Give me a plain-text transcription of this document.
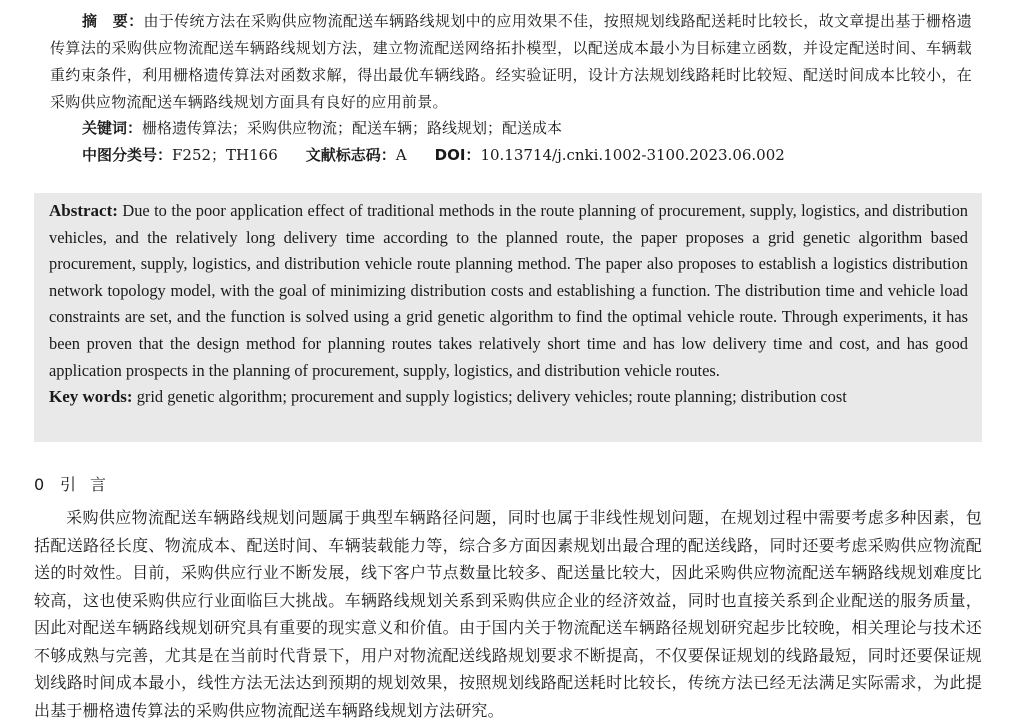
摘　要：由于传统方法在采购供应物流配送车辆路线规划中的应用效果不佳，按照规划线路配送耗时比较长，故文章提出基于栅格遗传算法的采购供应物流配送车辆路线规划方法，建立物流配送网络拓扑模型，以配送成本最小为目标建立函数，并设定配送时间、车辆载重约束条件，利用栅格遗传算法对函数求解，得出最优车辆线路。经实验证明，设计方法规划线路耗时比较短、配送时间成本比较小，在采购供应物流配送车辆路线规划方面具有良好的应用前景。
关键词：栅格遗传算法；采购供应物流；配送车辆；路线规划；配送成本
中图分类号：F252；TH166 文献标志码：A DOI：10.13714/j.cnki.1002-3100.2023.06.002

Abstract: Due to the poor application effect of traditional methods in the route planning of procurement, supply, logistics, and distribution vehicles, and the relatively long delivery time according to the planned route, the paper proposes a grid genetic algorithm based procurement, supply, logistics, and distribution vehicle route planning method. The paper also proposes to establish a logistics distribution network topology model, with the goal of minimizing distribution costs and establishing a function. The distribution time and vehicle load constraints are set, and the function is solved using a grid genetic algorithm to find the optimal vehicle route. Through experiments, it has been proven that the design method for planning routes takes relatively short time and has low delivery time and cost, and has good application prospects in the planning of procurement, supply, logistics, and distribution vehicle routes.

Key words: grid genetic algorithm; procurement and supply logistics; delivery vehicles; route planning; distribution cost

0 引 言
采购供应物流配送车辆路线规划问题属于典型车辆路径问题，同时也属于非线性规划问题，在规划过程中需要考虑多种因素，包括配送路径长度、物流成本、配送时间、车辆装载能力等，综合多方面因素规划出最合理的配送线路，同时还要考虑采购供应物流配送的时效性。目前，采购供应行业不断发展，线下客户节点数量比较多、配送量比较大，因此采购供应物流配送车辆路线规划难度比较高，这也使采购供应行业面临巨大挑战。车辆路线规划关系到采购供应企业的经济效益，同时也直接关系到企业配送的服务质量，因此对配送车辆路线规划研究具有重要的现实意义和价值。由于国内关于物流配送车辆路径规划研究起步比较晚，相关理论与技术还不够成熟与完善，尤其是在当前时代背景下，用户对物流配送线路规划要求不断提高，不仅要保证规划的线路最短，同时还要保证规划线路时间成本最小，线性方法无法达到预期的规划效果，按照规划线路配送耗时比较长，传统方法已经无法满足实际需求，为此提出基于栅格遗传算法的采购供应物流配送车辆路线规划方法研究。
